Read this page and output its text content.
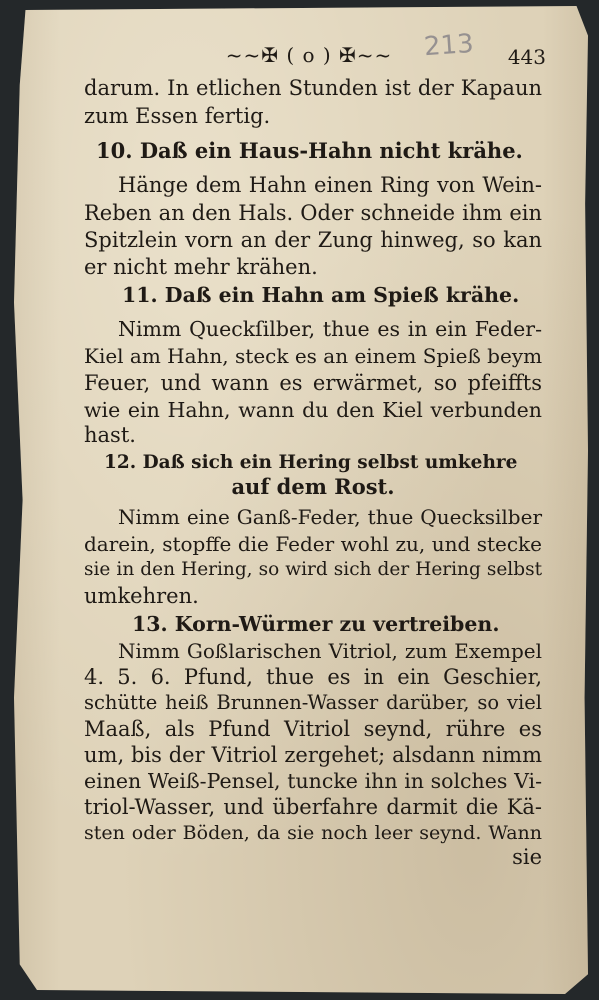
~~✠ ( o ) ✠~~	213	443
darum. In etlichen Stunden ist der Kapaun
zum Essen fertig.
10. Daß ein Haus-Hahn nicht krähe.
Hänge dem Hahn einen Ring von Wein-
Reben an den Hals. Oder schneide ihm ein
Spitzlein vorn an der Zung hinweg, so kan
er nicht mehr krähen.
11. Daß ein Hahn am Spieß krähe.
Nimm Queckſilber, thue es in ein Feder-
Kiel am Hahn, steck es an einem Spieß beym
Feuer, und wann es erwärmet, so pfeiffts
wie ein Hahn, wann du den Kiel verbunden
hast.
12. Daß sich ein Hering selbst umkehre
auf dem Rost.
Nimm eine Ganß-Feder, thue Quecksilber
darein, stopffe die Feder wohl zu, und stecke
sie in den Hering, so wird sich der Hering selbst
umkehren.
13. Korn-Würmer zu vertreiben.
Nimm Goßlarischen Vitriol, zum Exempel
4. 5. 6. Pfund, thue es in ein Geschier,
schütte heiß Brunnen-Wasser darüber, so viel
Maaß, als Pfund Vitriol seynd, rühre es
um, bis der Vitriol zergehet; alsdann nimm
einen Weiß-Pensel, tuncke ihn in solches Vi-
triol-Wasser, und überfahre darmit die Kä-
sten oder Böden, da sie noch leer seynd. Wann
sie
